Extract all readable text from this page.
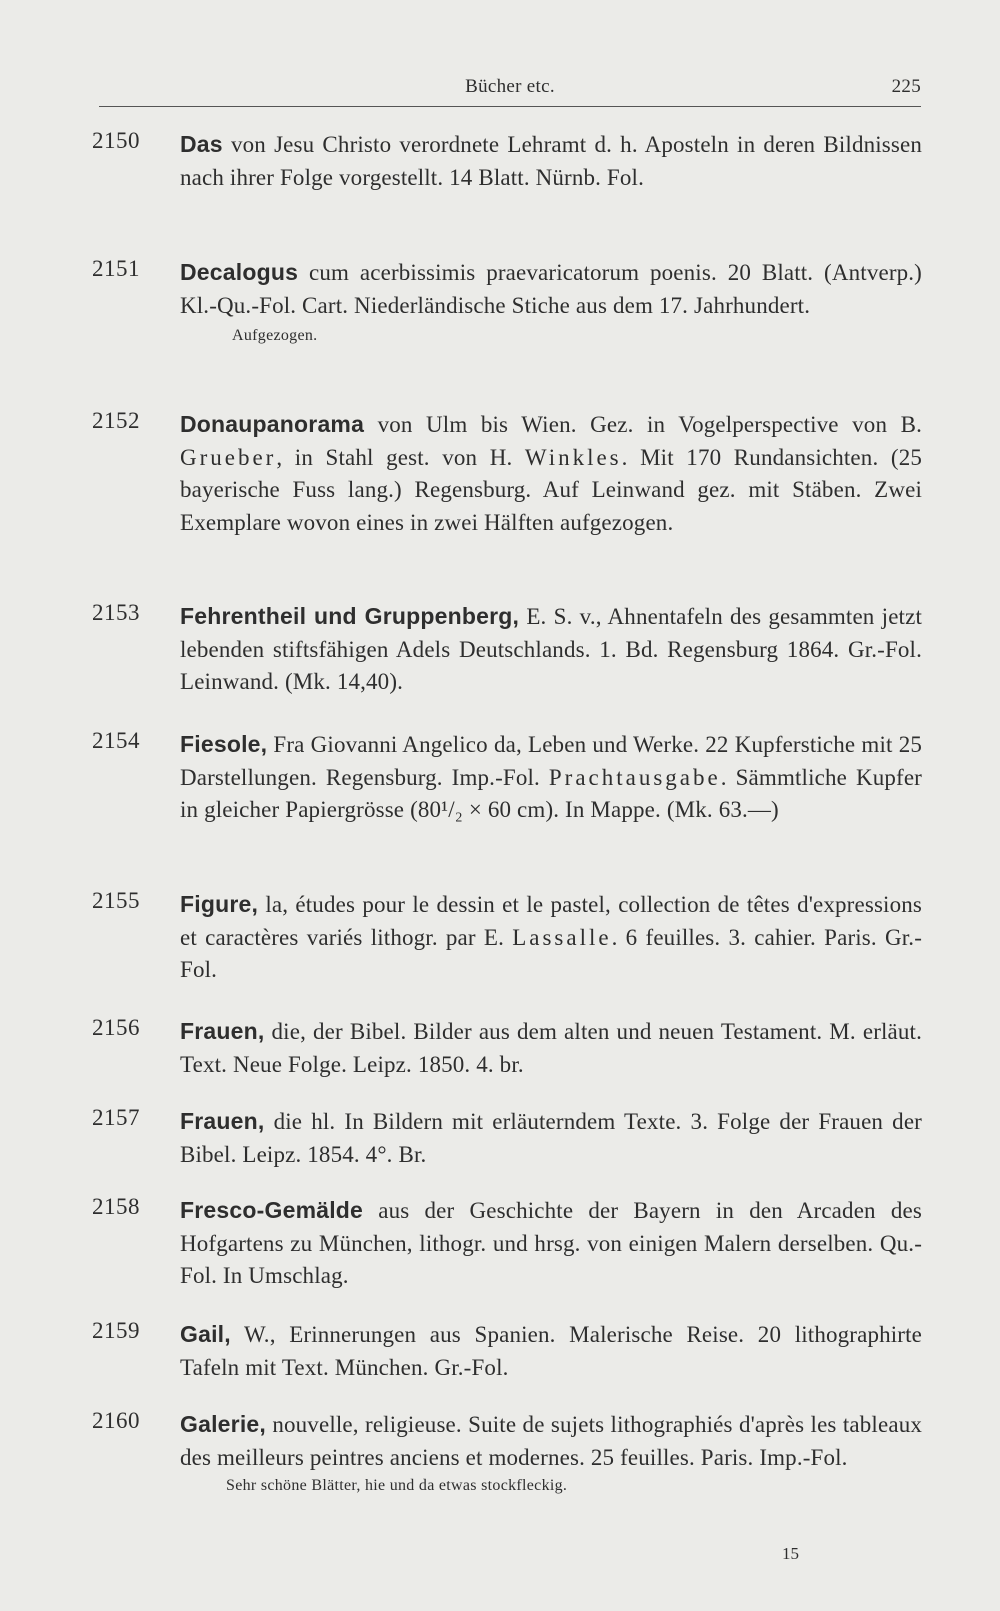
Bücher etc.	225
2150 Das von Jesu Christo verordnete Lehramt d. h. Aposteln in deren Bildnissen nach ihrer Folge vorgestellt. 14 Blatt. Nürnb. Fol.
2151 Decalogus cum acerbissimis praevaricatorum poenis. 20 Blatt. (Antverp.) Kl.-Qu.-Fol. Cart. Niederländische Stiche aus dem 17. Jahrhundert.
Aufgezogen.
2152 Donaupanorama von Ulm bis Wien. Gez. in Vogelperspective von B. Grueber, in Stahl gest. von H. Winkles. Mit 170 Rundansichten. (25 bayerische Fuss lang.) Regensburg. Auf Leinwand gez. mit Stäben. Zwei Exemplare wovon eines in zwei Hälften aufgezogen.
2153 Fehrentheil und Gruppenberg, E. S. v., Ahnentafeln des gesammten jetzt lebenden stiftsfähigen Adels Deutschlands. 1. Bd. Regensburg 1864. Gr.-Fol. Leinwand. (Mk. 14,40).
2154 Fiesole, Fra Giovanni Angelico da, Leben und Werke. 22 Kupferstiche mit 25 Darstellungen. Regensburg. Imp.-Fol. Prachtausgabe. Sämmtliche Kupfer in gleicher Papiergrösse (80¹/₂ × 60 cm). In Mappe. (Mk. 63.—)
2155 Figure, la, études pour le dessin et le pastel, collection de têtes d'expressions et caractères variés lithogr. par E. Lassalle. 6 feuilles. 3. cahier. Paris. Gr.-Fol.
2156 Frauen, die, der Bibel. Bilder aus dem alten und neuen Testament. M. erläut. Text. Neue Folge. Leipz. 1850. 4. br.
2157 Frauen, die hl. In Bildern mit erläuterndem Texte. 3. Folge der Frauen der Bibel. Leipz. 1854. 4°. Br.
2158 Fresco-Gemälde aus der Geschichte der Bayern in den Arcaden des Hofgartens zu München, lithogr. und hrsg. von einigen Malern derselben. Qu.-Fol. In Umschlag.
2159 Gail, W., Erinnerungen aus Spanien. Malerische Reise. 20 lithographirte Tafeln mit Text. München. Gr.-Fol.
2160 Galerie, nouvelle, religieuse. Suite de sujets lithographiés d'après les tableaux des meilleurs peintres anciens et modernes. 25 feuilles. Paris. Imp.-Fol.
Sehr schöne Blätter, hie und da etwas stockfleckig.
15
